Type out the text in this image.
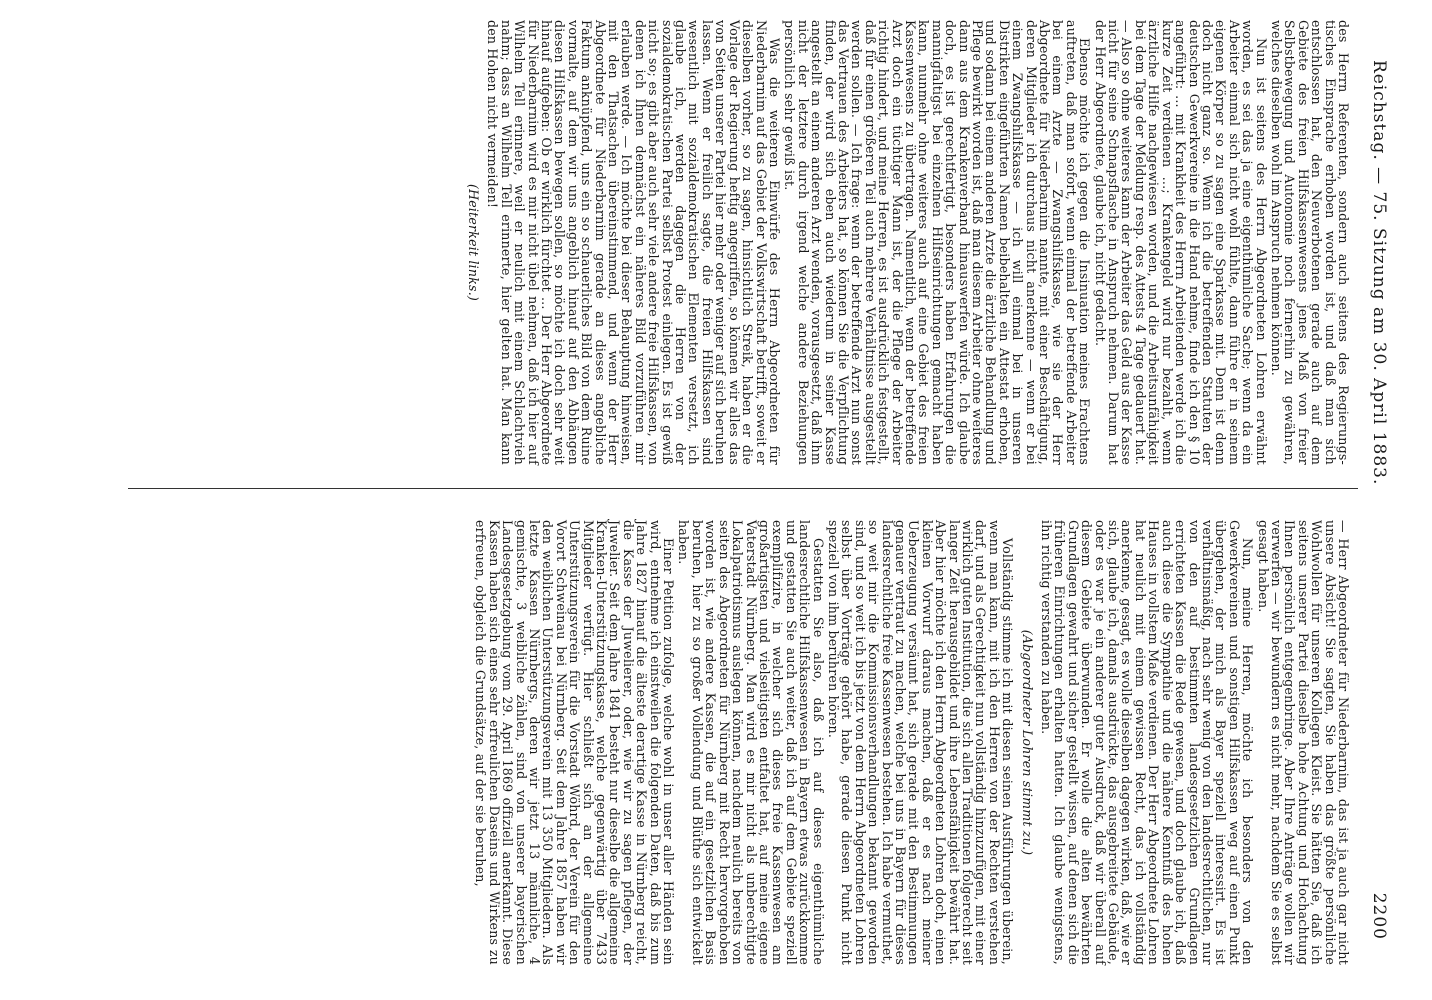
Reichstag. — 75. Sitzung am 30. April 1883.
2200

des Herrn Referenten, sondern auch seitens des Regierungs-tisches Einsprache erhoben worden ist, und daß man sich entschlossen hat, den Neuverbotenen gerade auch auf dem Gebiete des freien Hilfskassenwesens jenes Maß von freier Selbstbewegung und Autonomie noch fernerhin zu gewähren, welches dieselben wohl im Anspruch nehmen können.

Nun ist seitens des Herrn Abgeordneten Lohren erwähnt worden, es sei das ja eine eigenthümliche Sache; wenn da ein Arbeiter einmal sich nicht wohl fühlte, dann führe er in seinem eigenen Körper so zu sagen eine Sparkasse mit. Denn ist denn doch nicht ganz so. Wenn ich die betreffenden Statuten der deutschen Gewerkvereine in die Hand nehme, finde ich den § 10 angeführt: ... mit Krankheit des Herrn Arbeitenden werde ich die kurze Zeit verdienen ...; Krankengeld wird nur bezahlt, wenn ärztliche Hilfe nachgewiesen worden, und die Arbeitsunfähigkeit bei dem Tage der Meldung resp. des Attests 4 Tage gedauert hat. — Also so ohne weiteres kann der Arbeiter das Geld aus der Kasse nicht für seine Schnapsflasche in Anspruch nehmen. Darum hat der Herr Abgeordnete, glaube ich, nicht gedacht.

Ebenso möchte ich gegen die Insinuation meines Erachtens auftreten, daß man sofort, wenn einmal der betreffende Arbeiter bei einem Arzte — Zwangshilfskasse, wie sie der Herr Abgeordnete für Niederbarnim nannte, mit einer Beschäftigung, deren Mitglieder ich durchaus nicht anerkenne — wenn er bei einem Zwangshilfskasse — ich will einmal bei in unseren Distrikten eingeführten Namen beibehalten ein Attestat erhoben, und sodann bei einem anderen Arzte die ärztliche Behandlung und Pflege bewirkt worden ist, daß man diesem Arbeiter ohne weiteres dann aus dem Krankenverband hinauswerfen würde. Ich glaube doch, es ist gerechtfertigt, besonders haben Erfahrungen die mannigfaltigst bei einzelnen Hilfseinrichtungen gemacht haben kann, nunmehr ohne weiteres auch auf eine Gebiet des freien Kassenwesens zu übertragen. Namentlich, wenn der betreffende Arzt doch ein tüchtiger Mann ist, der die Pflege der Arbeiter richtig hindert, und meine Herren, es ist ausdrücklich festgestellt, daß für einen größeren Teil auch mehrere Verhältnisse ausgestellt werden sollen. — Ich frage: wenn der betreffende Arzt nun sonst das Vertrauen des Arbeiters hat, so können Sie die Verpflichtung finden, der wird sich eben auch wiederum in seiner Kasse angestellt an einem anderen Arzt wenden, vorausgesetzt, daß ihm nicht der letztere durch irgend welche andere Beziehungen persönlich sehr gewiß ist.

Was die weiteren Einwürfe des Herrn Abgeordneten für Niederbarnim auf das Gebiet der Volkswirtschaft betrifft, soweit er dieselben vorher, so zu sagen, hinsichtlich Streik, haben er die Vorlage der Regierung heftig angegriffen, so können wir alles das von Seiten unserer Partei hier mehr oder weniger auf sich beruhen lassen. Wenn er freilich sagte, die freien Hilfskassen sind wesentlich mit sozialdemokratischen Elementen versetzt, ich glaube ich, werden dagegen die Herren von der sozialdemokratischen Partei selbst Protest einlegen. Es ist gewiß nicht so; es gibt aber auch sehr viele andere freie Hilfskassen, von denen ich Ihnen demnächst ein näheres Bild vorzuführen mir erlauben werde. — Ich möchte bei dieser Behauptung hinweisen, mit den Thatsachen übereinstimmend, und wenn der Herr Abgeordnete für Niederbarnim gerade an dieses angebliche Faktum anknüpfend, uns ein so schauerliches Bild von dem Ruine vormalte, auf dem wir uns angeblich hinauf auf den Abhängen diesen Hilfskassen bewegen sollen, so möchte ich doch sehr weit hinauf aufgeben: Ob er wirklich fürchtet ... Der Herr Abgeordnete für Niederbarnim wird es mir nicht übel nehmen, daß ich hier auf Wilhelm Tell erinnere, weil er neulich mit einem Schlachtvieh nahm; dass an Wilhelm Tell erinnerte, hier gelten hat. Man kann den Hohen nicht vermeiden!

(Heiterkeit links.)

— Herr Abgeordneter für Niederbarnim, das ist ja auch gar nicht unsere Absicht! Sie sagten, Sie haben das größte persönliche Wohlwollen für unseren Kollegen Kleist. Sie hätten Sie, daß ich seitens unserer Partei dieselbe hohe Achtung und Hochachtung Ihnen persönlich entgegenbringe. Aber Ihre Anträge wollen wir verwerfen — wir bewundern es nicht mehr, nachdem Sie es selbst gesagt haben.

Nun, meine Herren, möchte ich besonders von den Gewerkvereinen und sonstigen Hilfskassen weg auf einen Punkt übergehen, der mich als Bayer speziell interessirt. Es ist verhältnismäßig, nach sehr wenig von den landesrechtlichen, nur von den auf bestimmten landesgesetzlichen Grundlagen errichteten Kassen die Rede gewesen, und doch glaube ich, daß auch diese die Sympathie und die nähere Kenntniß des hohen Hauses in vollstem Maße verdienen. Der Herr Abgeordnete Lohren hat neulich mit einem gewissen Recht, das ich vollständig anerkenne, gesagt, es wolle dieselben dagegen wirken, daß, wie er sich, glaube ich, damals ausdrückte, das ausgebreitete Gebäude, oder es war je ein anderer guter Ausdruck, daß wir überall auf diesem Gebiete überwunden. Er wolle die alten bewährten Grundlagen gewahrt und sicher gestellt wissen, auf denen sich die früheren Einrichtungen erhalten hatten. Ich glaube wenigstens, ihn richtig verstanden zu haben.

(Abgeordneter Lohren stimmt zu.)

Vollständig stimme ich mit diesen seinen Ausführungen überein, wenn man kann, mit ich den Herren von der Rechten verstehen darf, und als Gerechtigkeit nun vollständig hinzuzufügen, mit einer wirklich guten Institution, die sich allen Traditionen folgerecht seit langer Zeit herausgebildet und ihre Lebensfähigkeit bewährt hat. Aber hier möchte ich den Herrn Abgeordneten Lohren doch, einen kleinen Vorwurf daraus machen, daß er es nach meiner Ueberzeugung versäumt hat, sich gerade mit den Bestimmungen genauer vertraut zu machen, welche bei uns in Bayern für dieses landesrechtliche freie Kassenwesen bestehen. Ich habe vermuthet, so weit mir die Kommissionsverhandlungen bekannt geworden sind, und so weit ich bis jetzt von dem Herrn Abgeordneten Lohren selbst über Vorträge gehört habe, gerade diesen Punkt nicht speziell von ihm berühren hören.

Gestatten Sie also, daß ich auf dieses eigenthümliche landesrechtliche Hilfskassenwesen in Bayern etwas zurückkomme und gestatten Sie auch weiter, daß ich auf dem Gebiete speziell exemplifizire, in welcher sich dieses freie Kassenwesen am großartigsten und vielseitigsten entfaltet hat, auf meine eigene Vaterstadt Nürnberg. Man wird es mir nicht als unberechtigte Lokalpatriotismus auslegen können, nachdem neulich bereits von seiten des Abgeordneten für Nürnberg mit Recht hervorgehoben worden ist, wie andere Kassen, die auf ein gesetzlichen Basis beruhen, hier zu so großer Vollendung und Blüthe sich entwickelt haben.

Einer Petition zufolge, welche wohl in unser aller Händen sein wird, entnehme ich einstweilen die folgenden Daten, daß bis zum Jahre 1827 hinauf die älteste derartige Kasse in Nürnberg reicht, die Kasse der Juwelierer, oder, wie wir zu sagen pflegen, der Juwelier. Seit dem Jahre 1841 besteht nur dieselbe die allgemeine Kranken-Unterstützungskasse, welche gegenwärtig über 7433 Mitglieder verfügt. Hier schließt sich an der allgemeine Unterstützungsverein für die Vorstadt Wöhrd, der Verein für den Vorort Schweinau bei Nürnberg. Seit dem Jahre 1857 haben wir den weiblichen Unterstützungsverein mit 13 350 Mitgliedern. Als letzte Kassen Nürnbergs, deren wir jetzt 13 männliche, 4 gemischte, 3 weibliche zählen, sind von unserer bayerischen Landesgesetzgebung vom 29. April 1869 offiziell anerkannt. Diese Kassen haben sich eines sehr erfreulichen Daseins und Wirkens zu erfreuen, obgleich die Grundsätze, auf der sie beruhen,
